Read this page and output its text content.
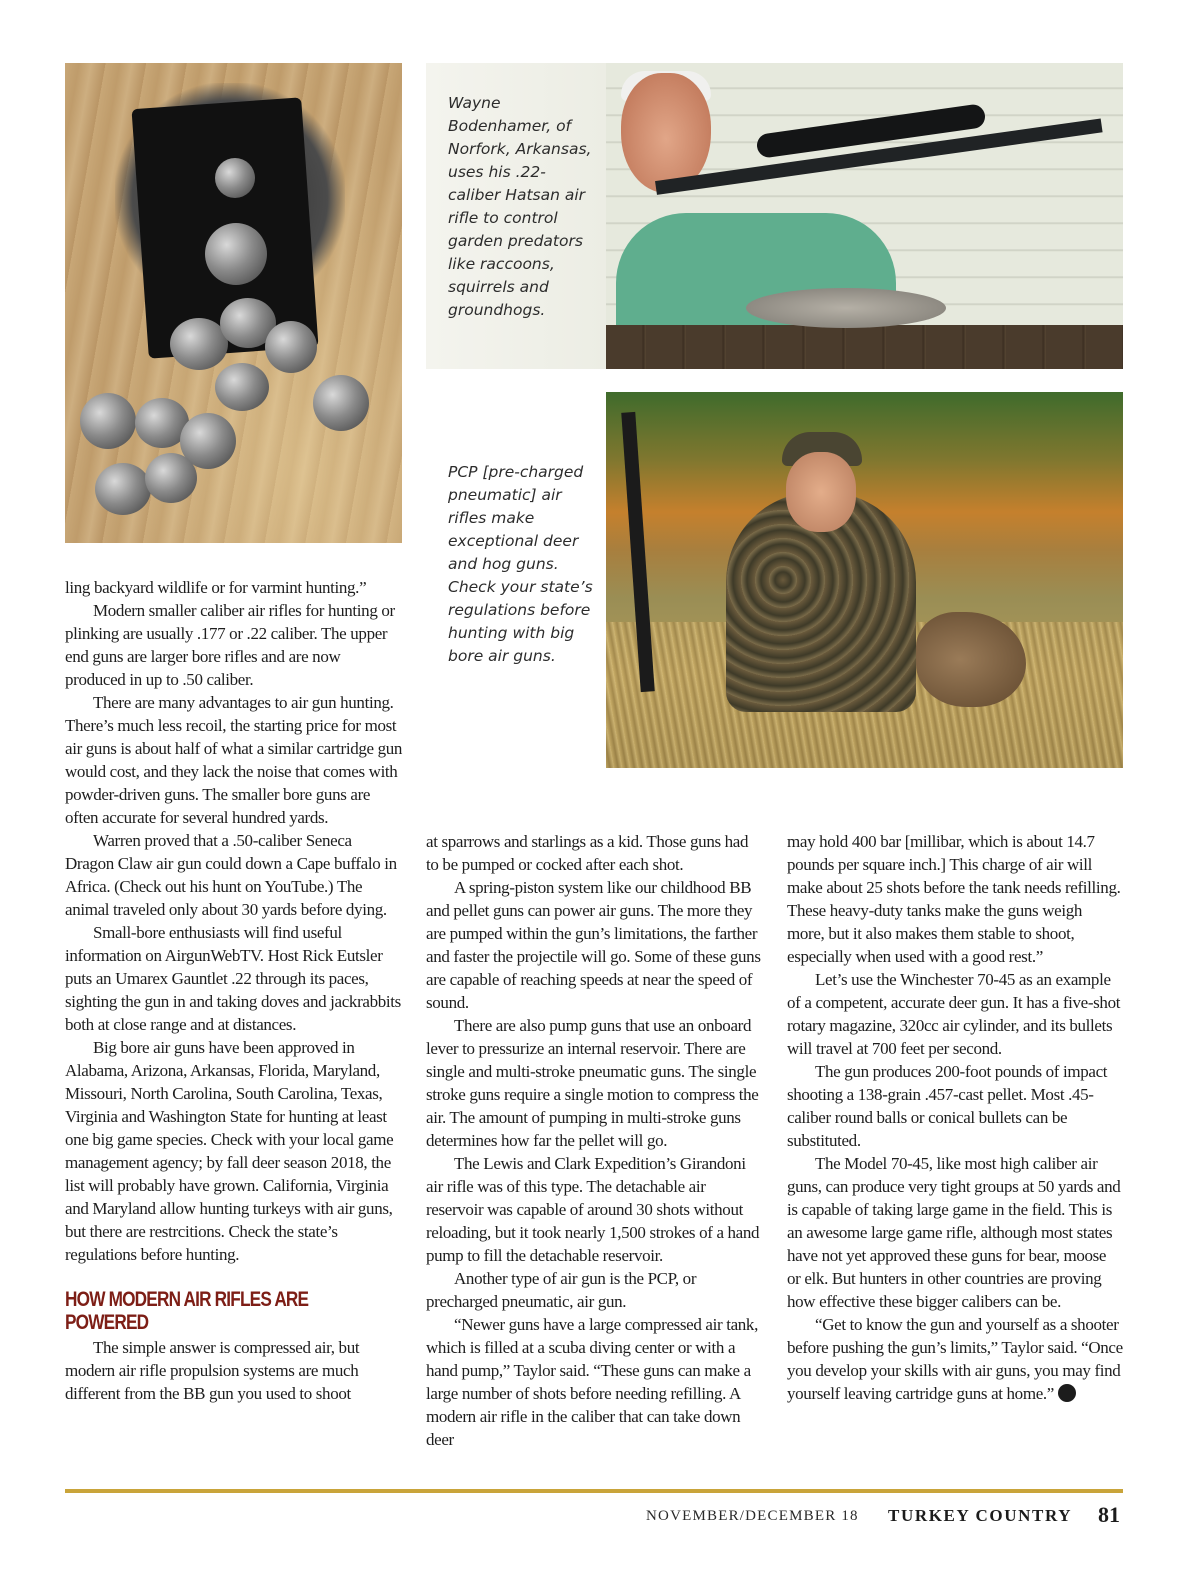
Wayne Bodenhamer, of Norfork, Arkansas, uses his .22-caliber Hatsan air rifle to control garden predators like raccoons, squirrels and groundhogs.

PCP [pre-charged pneumatic] air rifles make exceptional deer and hog guns. Check your state’s regulations before hunting with big bore air guns.

ling backyard wildlife or for varmint hunting.”

Modern smaller caliber air rifles for hunting or plinking are usually .177 or .22 caliber. The upper end guns are larger bore rifles and are now produced in up to .50 caliber.

There are many advantages to air gun hunting. There’s much less recoil, the starting price for most air guns is about half of what a similar cartridge gun would cost, and they lack the noise that comes with powder-driven guns. The smaller bore guns are often accurate for several hundred yards.

Warren proved that a .50-caliber Seneca Dragon Claw air gun could down a Cape buffalo in Africa. (Check out his hunt on YouTube.) The animal traveled only about 30 yards before dying.

Small-bore enthusiasts will find useful information on AirgunWebTV. Host Rick Eutsler puts an Umarex Gauntlet .22 through its paces, sighting the gun in and taking doves and jackrabbits both at close range and at distances.

Big bore air guns have been approved in Alabama, Arizona, Arkansas, Florida, Maryland, Missouri, North Carolina, South Carolina, Texas, Virginia and Washington State for hunting at least one big game species. Check with your local game management agency; by fall deer season 2018, the list will probably have grown. California, Virginia and Maryland allow hunting turkeys with air guns, but there are restrcitions. Check the state’s regulations before hunting.

HOW MODERN AIR RIFLES ARE POWERED

The simple answer is compressed air, but modern air rifle propulsion systems are much different from the BB gun you used to shoot

at sparrows and starlings as a kid. Those guns had to be pumped or cocked after each shot.

A spring-piston system like our childhood BB and pellet guns can power air guns. The more they are pumped within the gun’s limitations, the farther and faster the projectile will go. Some of these guns are capable of reaching speeds at near the speed of sound.

There are also pump guns that use an onboard lever to pressurize an internal reservoir. There are single and multi-stroke pneumatic guns. The single stroke guns require a single motion to compress the air. The amount of pumping in multi-stroke guns determines how far the pellet will go.

The Lewis and Clark Expedition’s Girandoni air rifle was of this type. The detachable air reservoir was capable of around 30 shots without reloading, but it took nearly 1,500 strokes of a hand pump to fill the detachable reservoir.

Another type of air gun is the PCP, or precharged pneumatic, air gun.

“Newer guns have a large compressed air tank, which is filled at a scuba diving center or with a hand pump,” Taylor said. “These guns can make a large number of shots before needing refilling. A modern air rifle in the caliber that can take down deer

may hold 400 bar [millibar, which is about 14.7 pounds per square inch.] This charge of air will make about 25 shots before the tank needs refilling. These heavy-duty tanks make the guns weigh more, but it also makes them stable to shoot, especially when used with a good rest.”

Let’s use the Winchester 70-45 as an example of a competent, accurate deer gun. It has a five-shot rotary magazine, 320cc air cylinder, and its bullets will travel at 700 feet per second.

The gun produces 200-foot pounds of impact shooting a 138-grain .457-cast pellet. Most .45-caliber round balls or conical bullets can be substituted.

The Model 70-45, like most high caliber air guns, can produce very tight groups at 50 yards and is capable of taking large game in the field. This is an awesome large game rifle, although most states have not yet approved these guns for bear, moose or elk. But hunters in other countries are proving how effective these bigger calibers can be.

“Get to know the gun and yourself as a shooter before pushing the gun’s limits,” Taylor said. “Once you develop your skills with air guns, you may find yourself leaving cartridge guns at home.”

NOVEMBER/DECEMBER 18 TURKEY COUNTRY 81
